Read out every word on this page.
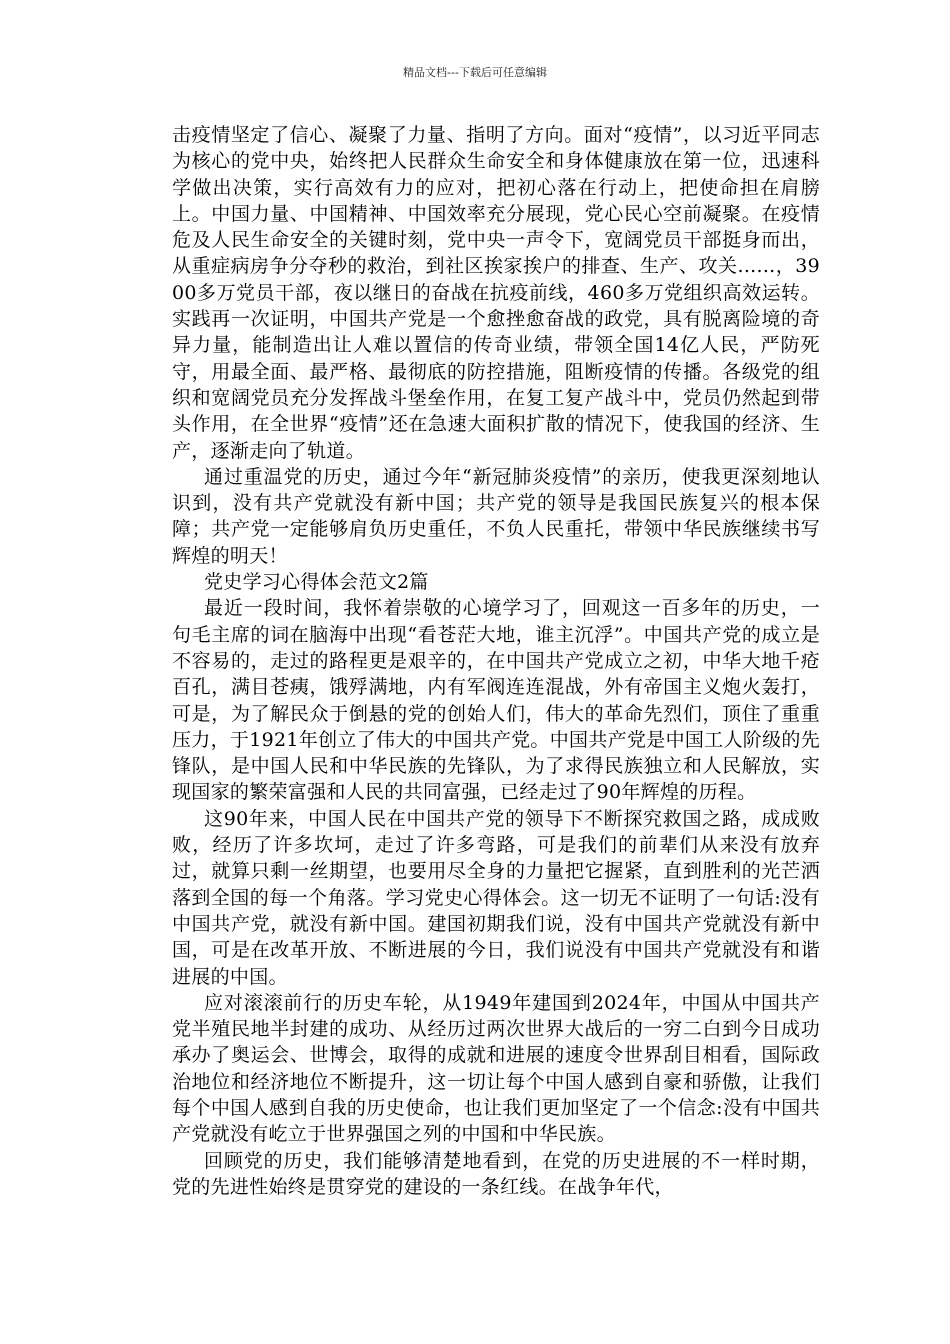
精品文档---下载后可任意编辑

击疫情坚定了信心、凝聚了力量、指明了方向。面对“疫情”，以习近平同志为核心的党中央，始终把人民群众生命安全和身体健康放在第一位，迅速科学做出决策，实行高效有力的应对，把初心落在行动上，把使命担在肩膀上。中国力量、中国精神、中国效率充分展现，党心民心空前凝聚。在疫情危及人民生命安全的关键时刻，党中央一声令下，宽阔党员干部挺身而出，从重症病房争分夺秒的救治，到社区挨家挨户的排查、生产、攻关......，3900多万党员干部，夜以继日的奋战在抗疫前线，460多万党组织高效运转。实践再一次证明，中国共产党是一个愈挫愈奋战的政党，具有脱离险境的奇异力量，能制造出让人难以置信的传奇业绩，带领全国14亿人民，严防死守，用最全面、最严格、最彻底的防控措施，阻断疫情的传播。各级党的组织和宽阔党员充分发挥战斗堡垒作用，在复工复产战斗中，党员仍然起到带头作用，在全世界“疫情”还在急速大面积扩散的情况下，使我国的经济、生产，逐渐走向了轨道。

通过重温党的历史，通过今年“新冠肺炎疫情”的亲历，使我更深刻地认识到，没有共产党就没有新中国；共产党的领导是我国民族复兴的根本保障；共产党一定能够肩负历史重任，不负人民重托，带领中华民族继续书写辉煌的明天！

党史学习心得体会范文2篇

最近一段时间，我怀着崇敬的心境学习了，回观这一百多年的历史，一句毛主席的词在脑海中出现“看苍茫大地，谁主沉浮”。中国共产党的成立是不容易的，走过的路程更是艰辛的，在中国共产党成立之初，中华大地千疮百孔，满目苍痍，饿殍满地，内有军阀连连混战，外有帝国主义炮火轰打，可是，为了解民众于倒悬的党的创始人们，伟大的革命先烈们，顶住了重重压力，于1921年创立了伟大的中国共产党。中国共产党是中国工人阶级的先锋队，是中国人民和中华民族的先锋队，为了求得民族独立和人民解放，实现国家的繁荣富强和人民的共同富强，已经走过了90年辉煌的历程。

这90年来，中国人民在中国共产党的领导下不断探究救国之路，成成败败，经历了许多坎坷，走过了许多弯路，可是我们的前辈们从来没有放弃过，就算只剩一丝期望，也要用尽全身的力量把它握紧，直到胜利的光芒洒落到全国的每一个角落。学习党史心得体会。这一切无不证明了一句话:没有中国共产党，就没有新中国。建国初期我们说，没有中国共产党就没有新中国，可是在改革开放、不断进展的今日，我们说没有中国共产党就没有和谐进展的中国。

应对滚滚前行的历史车轮，从1949年建国到2024年，中国从中国共产党半殖民地半封建的成功、从经历过两次世界大战后的一穷二白到今日成功承办了奥运会、世博会，取得的成就和进展的速度令世界刮目相看，国际政治地位和经济地位不断提升，这一切让每个中国人感到自豪和骄傲，让我们每个中国人感到自我的历史使命，也让我们更加坚定了一个信念:没有中国共产党就没有屹立于世界强国之列的中国和中华民族。

回顾党的历史，我们能够清楚地看到，在党的历史进展的不一样时期，党的先进性始终是贯穿党的建设的一条红线。在战争年代，
